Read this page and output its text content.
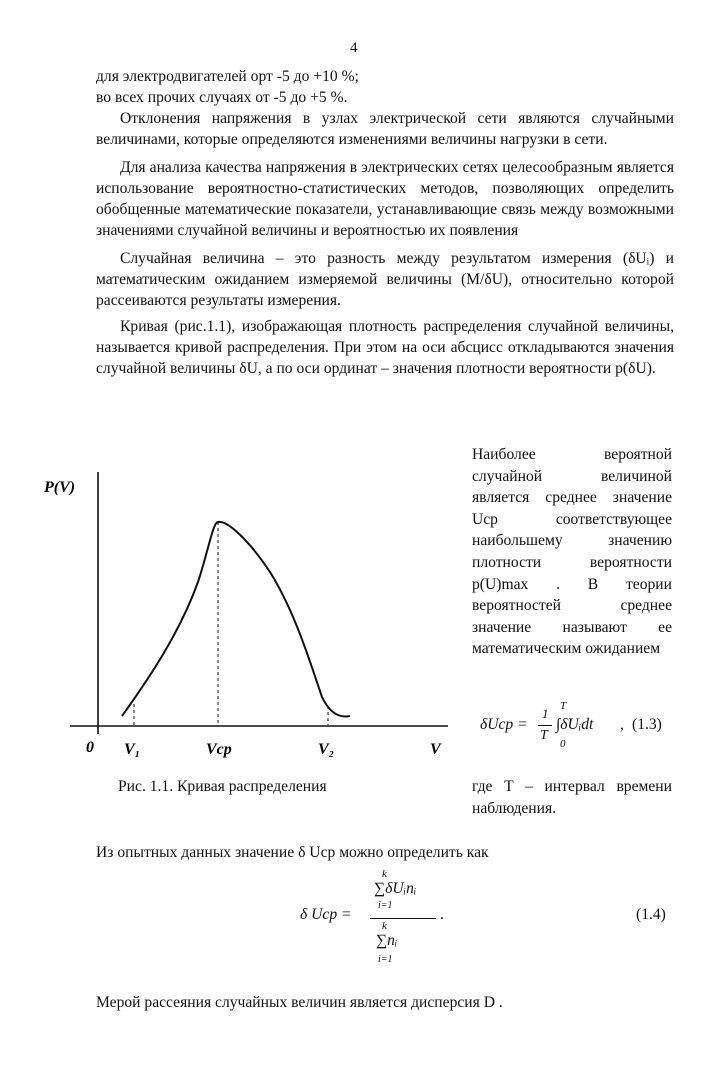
4

для электродвигателей орт -5 до +10 %;

во всех прочих случаях от -5 до +5 %.

Отклонения напряжения в узлах электрической сети являются случайными величинами, которые определяются изменениями величины нагрузки в сети.

Для анализа качества напряжения в электрических сетях целесообразным является использование вероятностно-статистических методов, позволяющих определить обобщенные математические показатели, устанавливающие связь между возможными значениями случайной величины и вероятностью их появления

Случайная величина – это разность между результатом измерения (δUᵢ) и математическим ожиданием измеряемой величины (M/δU), относительно которой рассеиваются результаты измерения.

Кривая (рис.1.1), изображающая плотность распределения случайной величины, называется кривой распределения. При этом на оси абсцисс откладываются значения случайной величины δU, а по оси ординат – значения плотности вероятности p(δU).

P(V)
0	V
V₁	Vср	V₂
Наиболее вероятной случайной величиной является среднее значение Uср соответствующее наибольшему значению плотности вероятности p(U)max . В теории вероятностей среднее значение называют ее математическим ожиданием
δUср =
1
T
T
0
∫δUᵢdt , (1.3)
Рис. 1.1. Кривая распределения	где T – интервал времени наблюдения.

Из опытных данных значение δ Uср можно определить как

δ Uср =
k
∑δUᵢnᵢ
i=1
k
∑nᵢ
i=1
.	(1.4)

Мерой рассеяния случайных величин является дисперсия D .
